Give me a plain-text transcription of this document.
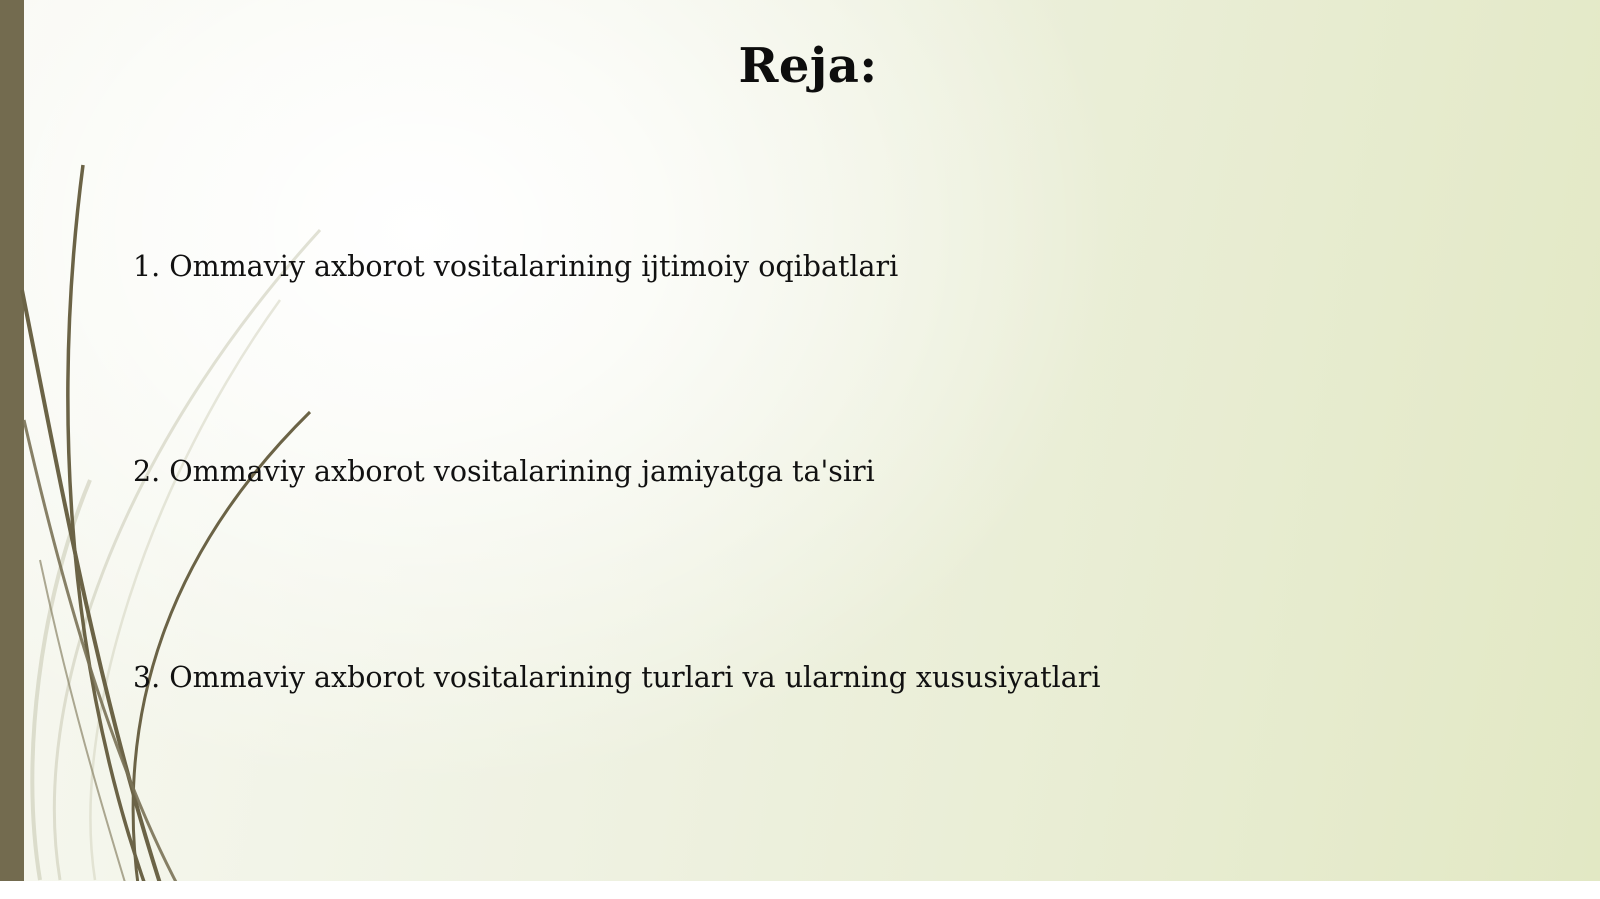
Reja:
1. Ommaviy axborot vositalarining ijtimoiy oqibatlari
2. Ommaviy axborot vositalarining jamiyatga ta'siri
3. Ommaviy axborot vositalarining turlari va ularning xususiyatlari
